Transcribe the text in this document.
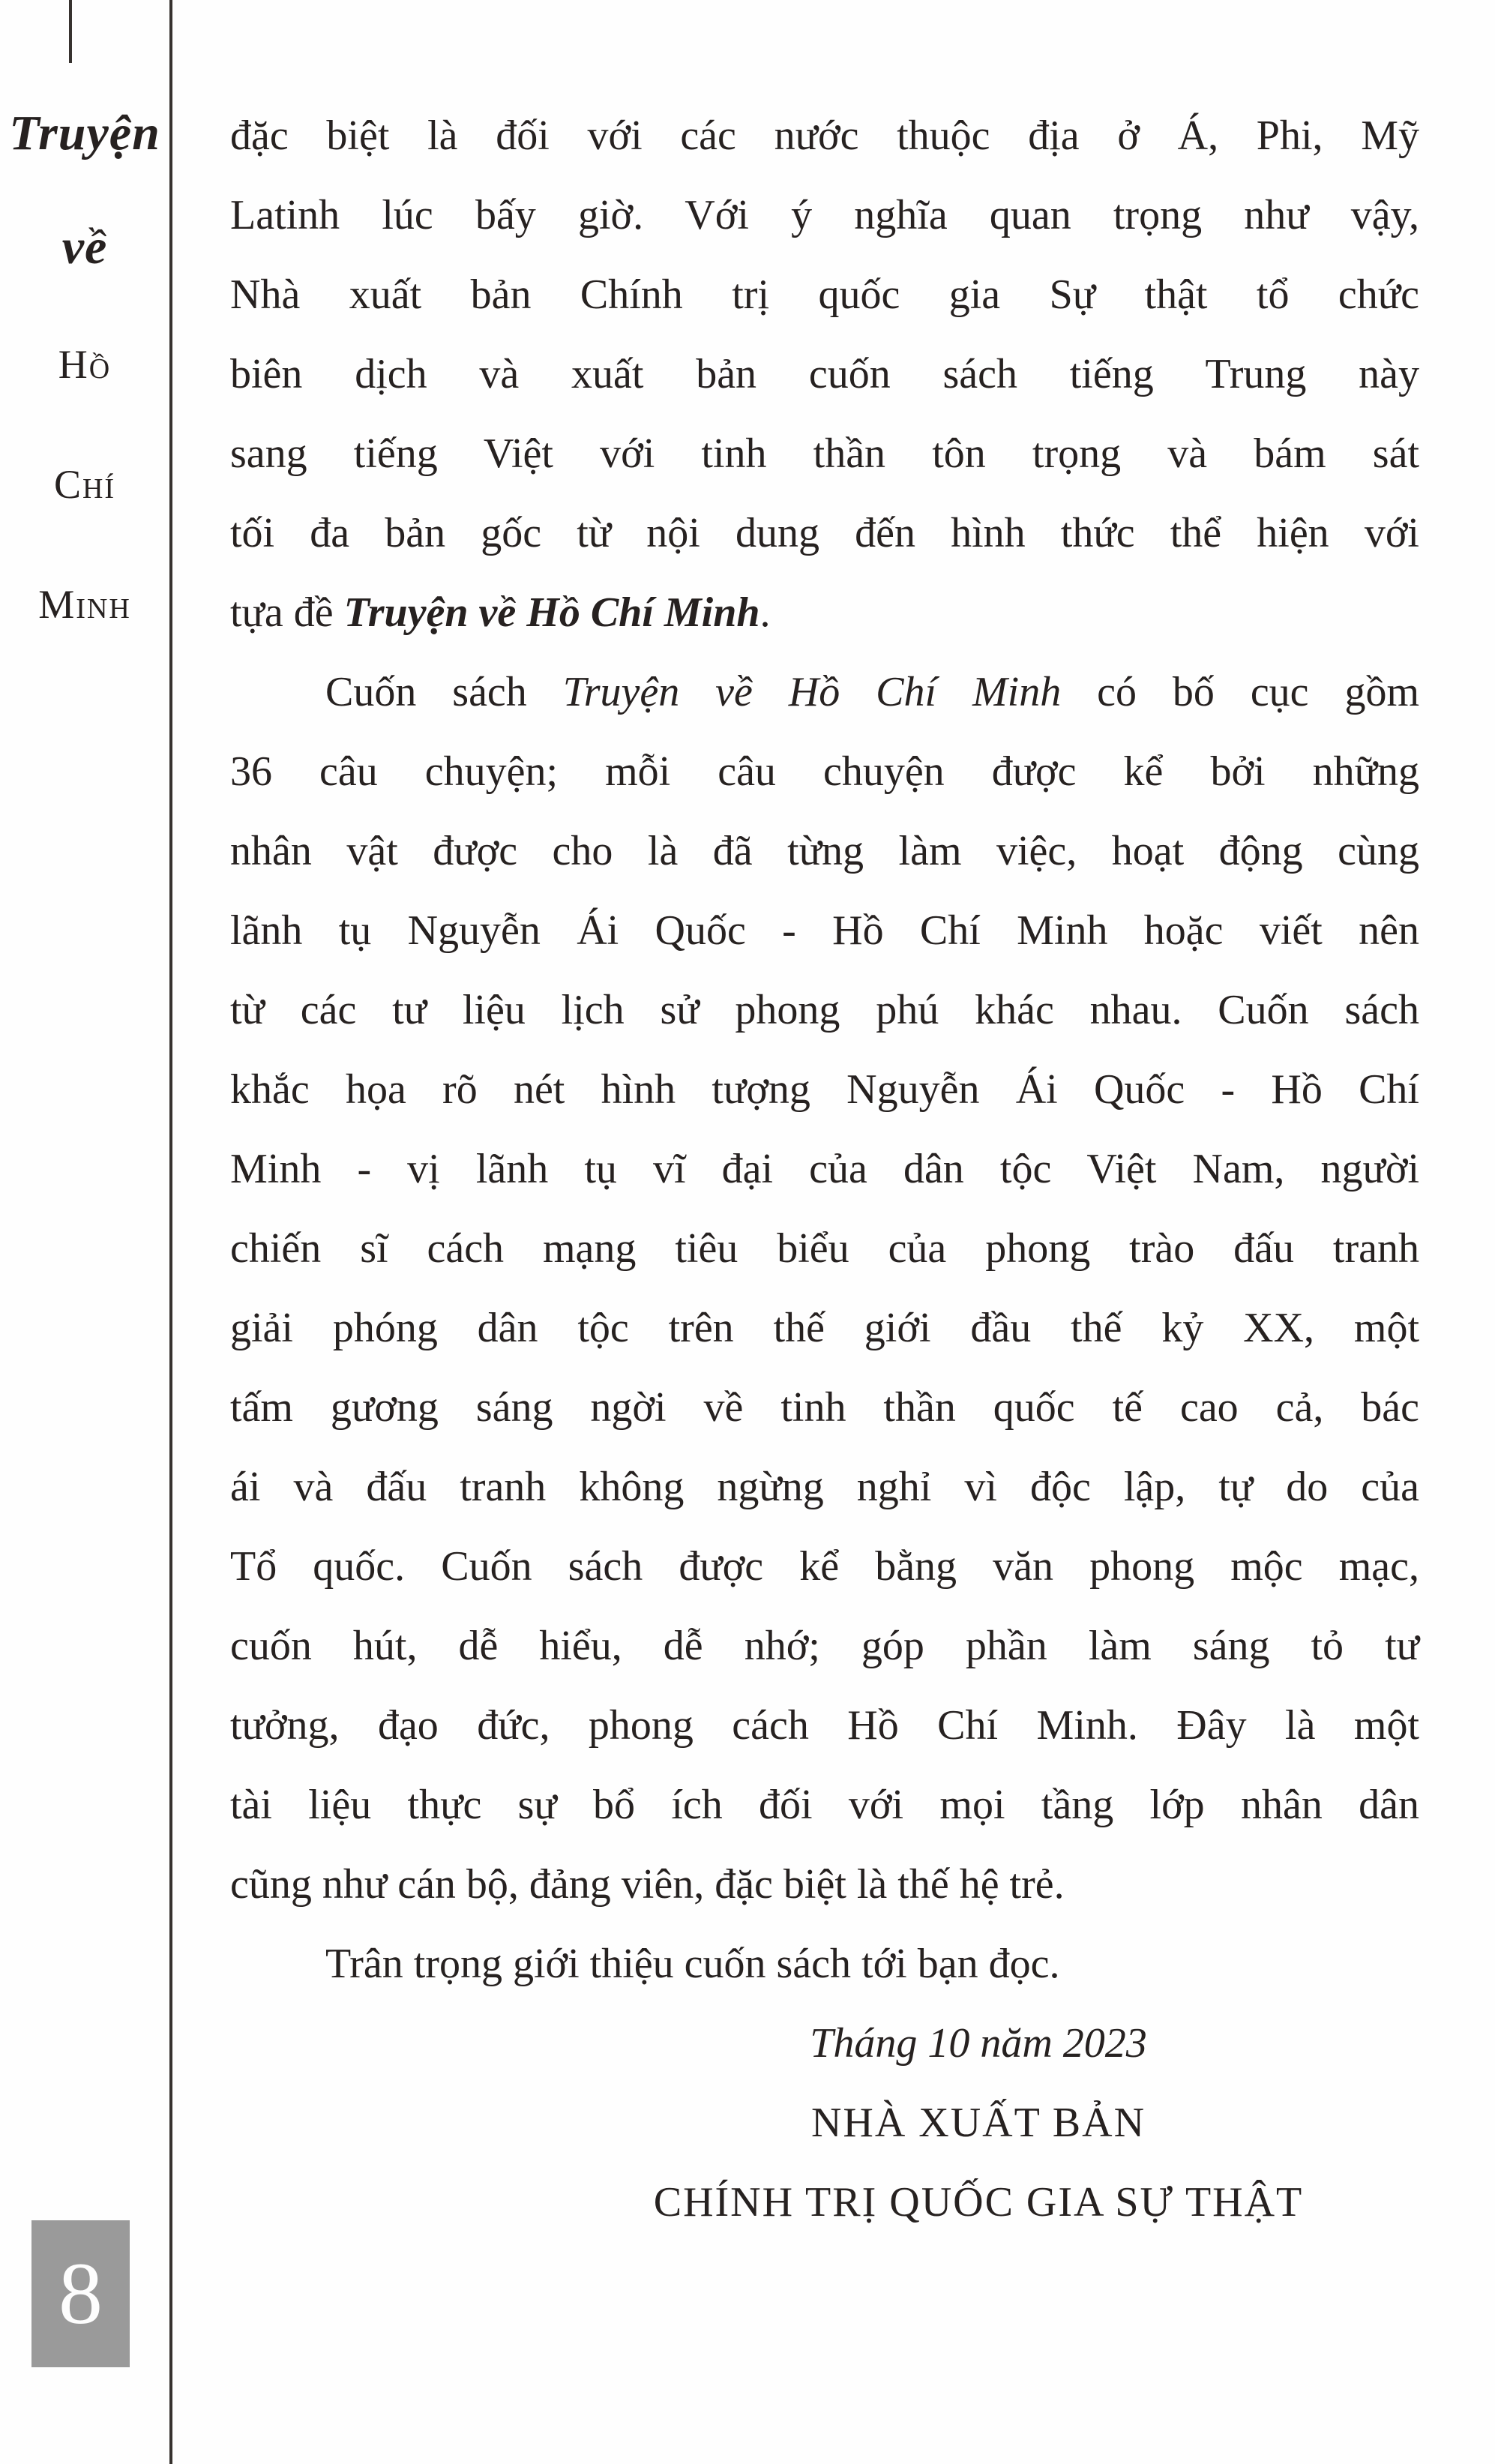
Truyện
về
Hồ
Chí
Minh
đặc biệt là đối với các nước thuộc địa ở Á, Phi, Mỹ
Latinh lúc bấy giờ. Với ý nghĩa quan trọng như vậy,
Nhà xuất bản Chính trị quốc gia Sự thật tổ chức
biên dịch và xuất bản cuốn sách tiếng Trung này
sang tiếng Việt với tinh thần tôn trọng và bám sát
tối đa bản gốc từ nội dung đến hình thức thể hiện với
tựa đề Truyện về Hồ Chí Minh.
Cuốn sách Truyện về Hồ Chí Minh có bố cục gồm
36 câu chuyện; mỗi câu chuyện được kể bởi những
nhân vật được cho là đã từng làm việc, hoạt động cùng
lãnh tụ Nguyễn Ái Quốc - Hồ Chí Minh hoặc viết nên
từ các tư liệu lịch sử phong phú khác nhau. Cuốn sách
khắc họa rõ nét hình tượng Nguyễn Ái Quốc - Hồ Chí
Minh - vị lãnh tụ vĩ đại của dân tộc Việt Nam, người
chiến sĩ cách mạng tiêu biểu của phong trào đấu tranh
giải phóng dân tộc trên thế giới đầu thế kỷ XX, một
tấm gương sáng ngời về tinh thần quốc tế cao cả, bác
ái và đấu tranh không ngừng nghỉ vì độc lập, tự do của
Tổ quốc. Cuốn sách được kể bằng văn phong mộc mạc,
cuốn hút, dễ hiểu, dễ nhớ; góp phần làm sáng tỏ tư
tưởng, đạo đức, phong cách Hồ Chí Minh. Đây là một
tài liệu thực sự bổ ích đối với mọi tầng lớp nhân dân
cũng như cán bộ, đảng viên, đặc biệt là thế hệ trẻ.
Trân trọng giới thiệu cuốn sách tới bạn đọc.
Tháng 10 năm 2023
NHÀ XUẤT BẢN
CHÍNH TRỊ QUỐC GIA SỰ THẬT
8
